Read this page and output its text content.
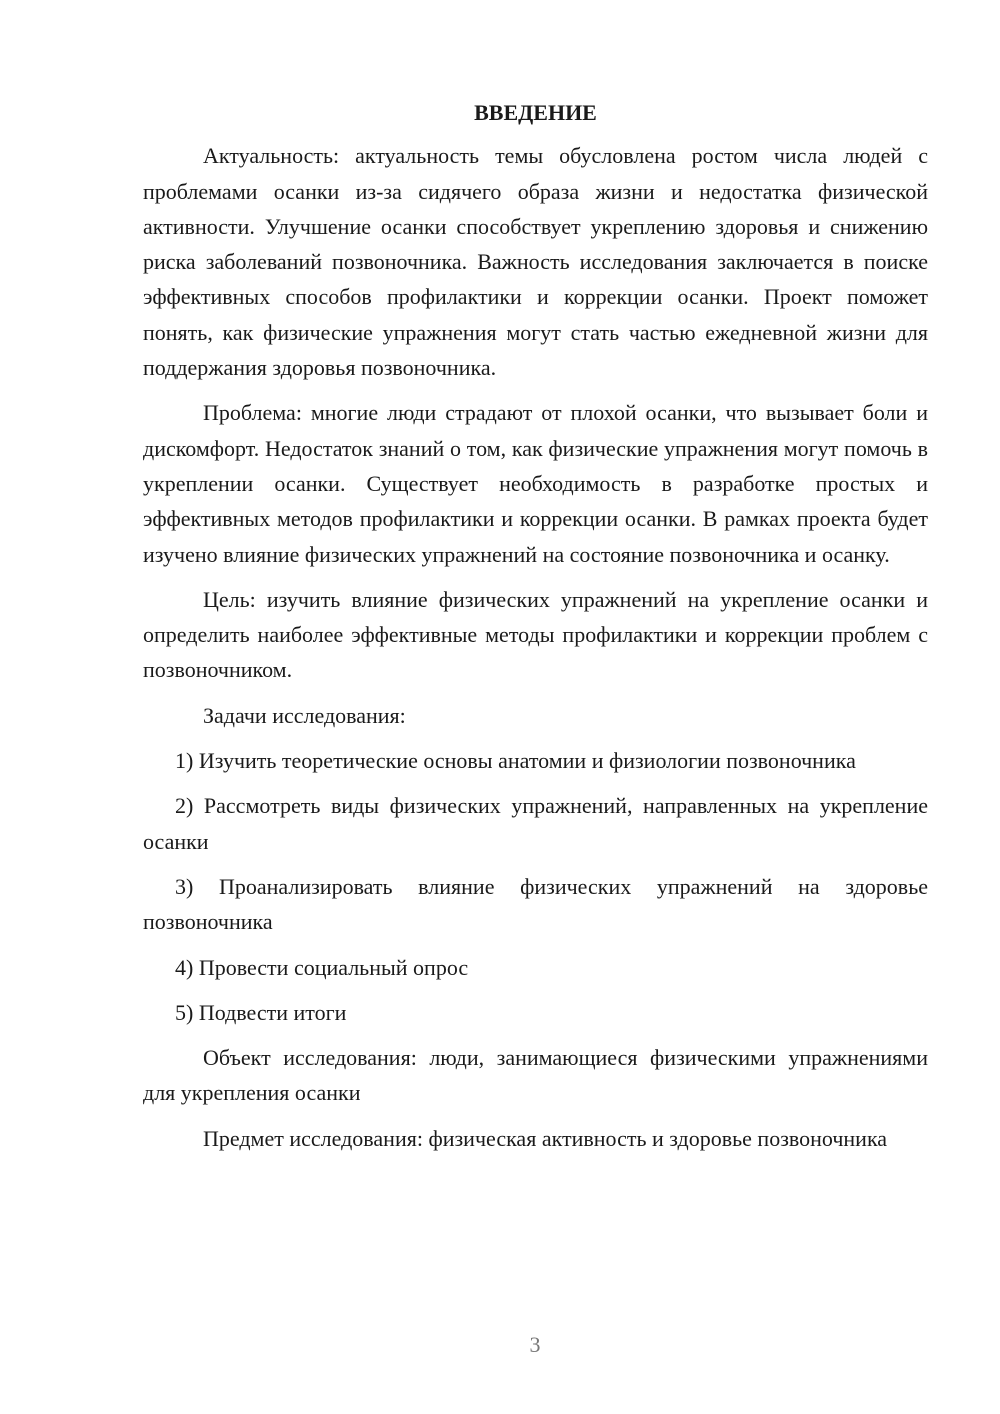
ВВЕДЕНИЕ

Актуальность: актуальность темы обусловлена ростом числа людей с проблемами осанки из-за сидячего образа жизни и недостатка физической активности. Улучшение осанки способствует укреплению здоровья и снижению риска заболеваний позвоночника. Важность исследования заключается в поиске эффективных способов профилактики и коррекции осанки. Проект поможет понять, как физические упражнения могут стать частью ежедневной жизни для поддержания здоровья позвоночника.

Проблема: многие люди страдают от плохой осанки, что вызывает боли и дискомфорт. Недостаток знаний о том, как физические упражнения могут помочь в укреплении осанки. Существует необходимость в разработке простых и эффективных методов профилактики и коррекции осанки. В рамках проекта будет изучено влияние физических упражнений на состояние позвоночника и осанку.

Цель: изучить влияние физических упражнений на укрепление осанки и определить наиболее эффективные методы профилактики и коррекции проблем с позвоночником.

Задачи исследования:

1) Изучить теоретические основы анатомии и физиологии позвоночника

2) Рассмотреть виды физических упражнений, направленных на укрепление осанки

3) Проанализировать влияние физических упражнений на здоровье позвоночника

4) Провести социальный опрос

5) Подвести итоги

Объект исследования: люди, занимающиеся физическими упражнениями для укрепления осанки

Предмет исследования: физическая активность и здоровье позвоночника

3
